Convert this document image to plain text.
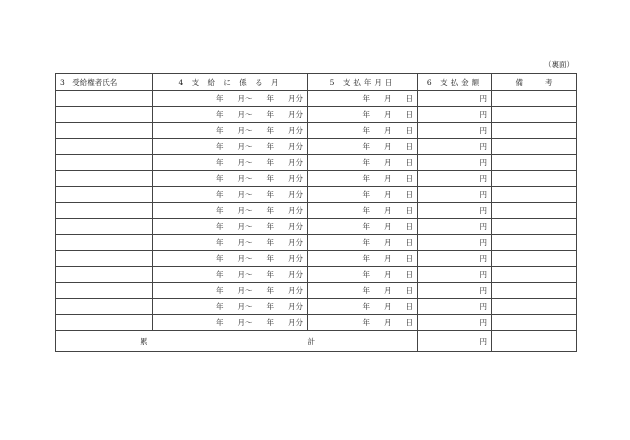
（裏面）
3　受給権者氏名	4 支 給 に 係 る 月	5 支払年月日	6 支払金額	備 考
	年 月～ 年 月分	年 月 日	円	
	年 月～ 年 月分	年 月 日	円	
	年 月～ 年 月分	年 月 日	円	
	年 月～ 年 月分	年 月 日	円	
	年 月～ 年 月分	年 月 日	円	
	年 月～ 年 月分	年 月 日	円	
	年 月～ 年 月分	年 月 日	円	
	年 月～ 年 月分	年 月 日	円	
	年 月～ 年 月分	年 月 日	円	
	年 月～ 年 月分	年 月 日	円	
	年 月～ 年 月分	年 月 日	円	
	年 月～ 年 月分	年 月 日	円	
	年 月～ 年 月分	年 月 日	円	
	年 月～ 年 月分	年 月 日	円	
	年 月～ 年 月分	年 月 日	円	
累 計			円	
